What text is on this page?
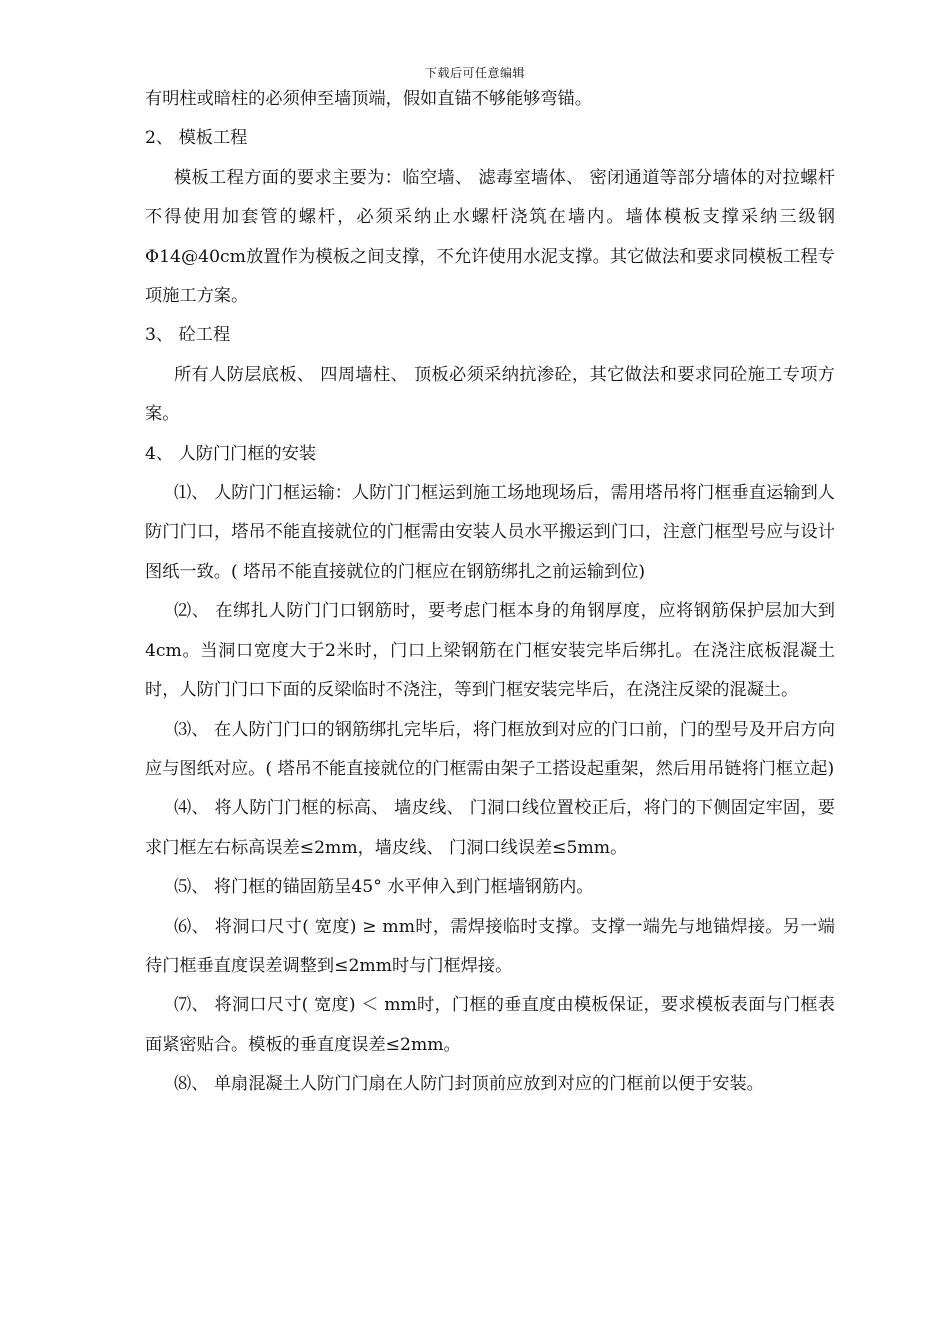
下载后可任意编辑

有明柱或暗柱的必须伸至墙顶端，假如直锚不够能够弯锚。

2、 模板工程

模板工程方面的要求主要为：临空墙、 滤毒室墙体、 密闭通道等部分墙体的对拉螺杆不得使用加套管的螺杆，必须采纳止水螺杆浇筑在墙内。墙体模板支撑采纳三级钢Φ14@40cm放置作为模板之间支撑，不允许使用水泥支撑。其它做法和要求同模板工程专项施工方案。

3、 砼工程

所有人防层底板、 四周墙柱、 顶板必须采纳抗渗砼，其它做法和要求同砼施工专项方案。

4、 人防门门框的安装

⑴、 人防门门框运输：人防门门框运到施工场地现场后，需用塔吊将门框垂直运输到人防门门口，塔吊不能直接就位的门框需由安装人员水平搬运到门口，注意门框型号应与设计图纸一致。( 塔吊不能直接就位的门框应在钢筋绑扎之前运输到位)

⑵、 在绑扎人防门门口钢筋时，要考虑门框本身的角钢厚度，应将钢筋保护层加大到4cm。当洞口宽度大于2米时，门口上梁钢筋在门框安装完毕后绑扎。在浇注底板混凝土时，人防门门口下面的反梁临时不浇注，等到门框安装完毕后，在浇注反梁的混凝土。

⑶、 在人防门门口的钢筋绑扎完毕后，将门框放到对应的门口前，门的型号及开启方向应与图纸对应。( 塔吊不能直接就位的门框需由架子工搭设起重架，然后用吊链将门框立起)

⑷、 将人防门门框的标高、 墙皮线、 门洞口线位置校正后，将门的下侧固定牢固，要求门框左右标高误差≤2mm，墙皮线、 门洞口线误差≤5mm。

⑸、 将门框的锚固筋呈45° 水平伸入到门框墙钢筋内。

⑹、 将洞口尺寸( 宽度) ≥ mm时，需焊接临时支撑。支撑一端先与地锚焊接。另一端待门框垂直度误差调整到≤2mm时与门框焊接。

⑺、 将洞口尺寸( 宽度) ＜ mm时，门框的垂直度由模板保证，要求模板表面与门框表面紧密贴合。模板的垂直度误差≤2mm。

⑻、 单扇混凝土人防门门扇在人防门封顶前应放到对应的门框前以便于安装。
